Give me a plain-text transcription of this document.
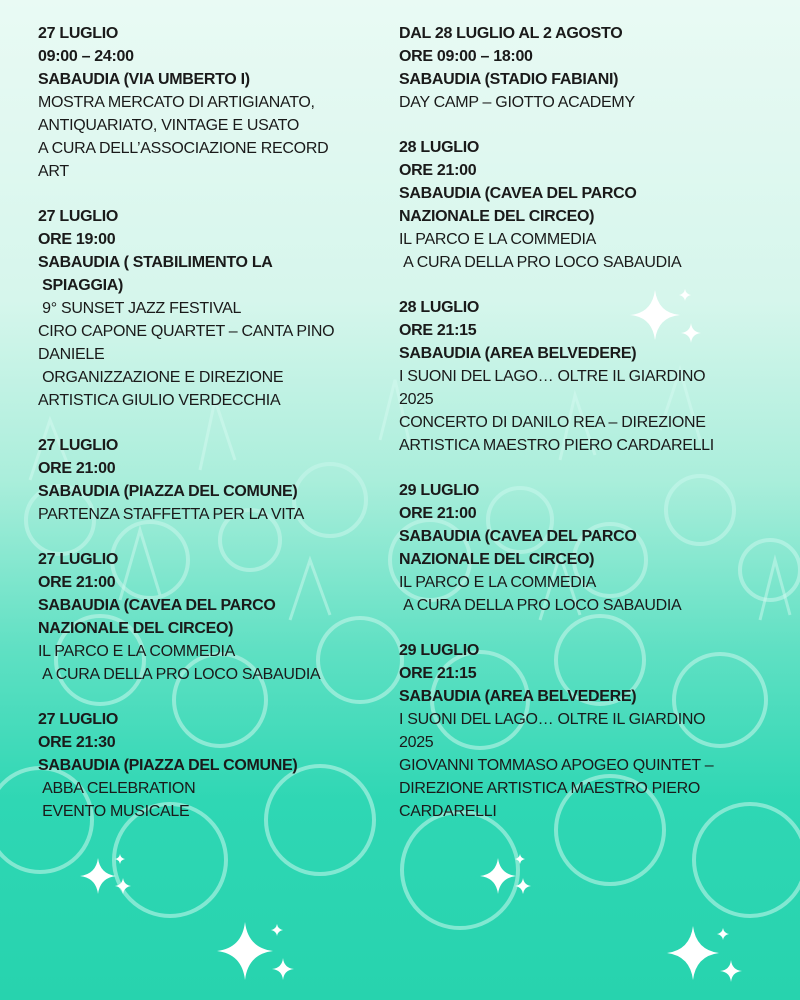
27 LUGLIO
09:00 – 24:00
SABAUDIA (VIA UMBERTO I)
MOSTRA MERCATO DI ARTIGIANATO,
ANTIQUARIATO, VINTAGE E USATO
A CURA DELL’ASSOCIAZIONE RECORD
ART
27 LUGLIO
ORE 19:00
SABAUDIA ( STABILIMENTO LA
SPIAGGIA)
9° SUNSET JAZZ FESTIVAL
CIRO CAPONE QUARTET – CANTA PINO
DANIELE
ORGANIZZAZIONE E DIREZIONE
ARTISTICA GIULIO VERDECCHIA
27 LUGLIO
ORE 21:00
SABAUDIA (PIAZZA DEL COMUNE)
PARTENZA STAFFETTA PER LA VITA
27 LUGLIO
ORE 21:00
SABAUDIA (CAVEA DEL PARCO
NAZIONALE DEL CIRCEO)
IL PARCO E LA COMMEDIA
A CURA DELLA PRO LOCO SABAUDIA
27 LUGLIO
ORE 21:30
SABAUDIA (PIAZZA DEL COMUNE)
ABBA CELEBRATION
EVENTO MUSICALE
DAL 28 LUGLIO AL 2 AGOSTO
ORE 09:00 – 18:00
SABAUDIA (STADIO FABIANI)
DAY CAMP – GIOTTO ACADEMY
28 LUGLIO
ORE 21:00
SABAUDIA (CAVEA DEL PARCO
NAZIONALE DEL CIRCEO)
IL PARCO E LA COMMEDIA
A CURA DELLA PRO LOCO SABAUDIA
28 LUGLIO
ORE 21:15
SABAUDIA (AREA BELVEDERE)
I SUONI DEL LAGO… OLTRE IL GIARDINO
2025
CONCERTO DI DANILO REA – DIREZIONE
ARTISTICA MAESTRO PIERO CARDARELLI
29 LUGLIO
ORE 21:00
SABAUDIA (CAVEA DEL PARCO
NAZIONALE DEL CIRCEO)
IL PARCO E LA COMMEDIA
A CURA DELLA PRO LOCO SABAUDIA
29 LUGLIO
ORE 21:15
SABAUDIA (AREA BELVEDERE)
I SUONI DEL LAGO… OLTRE IL GIARDINO
2025
GIOVANNI TOMMASO APOGEO QUINTET –
DIREZIONE ARTISTICA MAESTRO PIERO
CARDARELLI
